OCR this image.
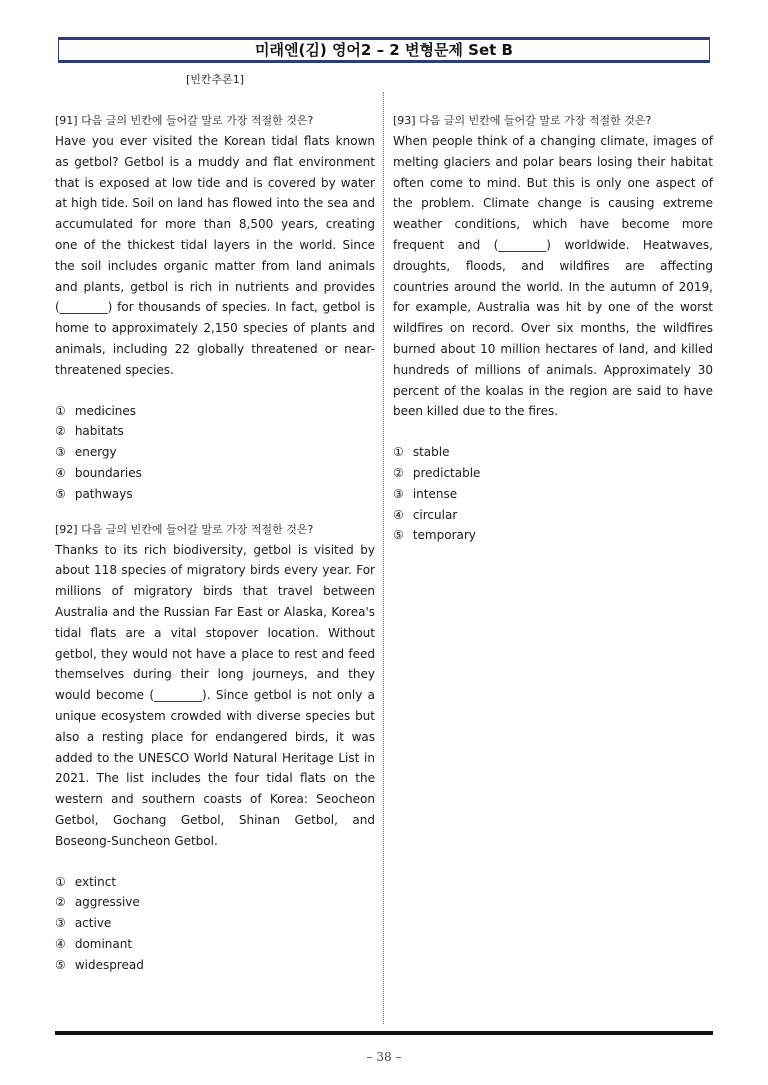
미래엔(김) 영어2 – 2 변형문제 Set B
[빈칸추론1]
[91] 다음 글의 빈칸에 들어갈 말로 가장 적절한 것은?

Have you ever visited the Korean tidal flats known as getbol? Getbol is a muddy and flat environment that is exposed at low tide and is covered by water at high tide. Soil on land has flowed into the sea and accumulated for more than 8,500 years, creating one of the thickest tidal layers in the world. Since the soil includes organic matter from land animals and plants, getbol is rich in nutrients and provides (________) for thousands of species. In fact, getbol is home to approximately 2,150 species of plants and animals, including 22 globally threatened or near-threatened species.

① medicines
② habitats
③ energy
④ boundaries
⑤ pathways
[92] 다음 글의 빈칸에 들어갈 말로 가장 적절한 것은?

Thanks to its rich biodiversity, getbol is visited by about 118 species of migratory birds every year. For millions of migratory birds that travel between Australia and the Russian Far East or Alaska, Korea's tidal flats are a vital stopover location. Without getbol, they would not have a place to rest and feed themselves during their long journeys, and they would become (________). Since getbol is not only a unique ecosystem crowded with diverse species but also a resting place for endangered birds, it was added to the UNESCO World Natural Heritage List in 2021. The list includes the four tidal flats on the western and southern coasts of Korea: Seocheon Getbol, Gochang Getbol, Shinan Getbol, and Boseong-Suncheon Getbol.

① extinct
② aggressive
③ active
④ dominant
⑤ widespread
[93] 다음 글의 빈칸에 들어갈 말로 가장 적절한 것은?

When people think of a changing climate, images of melting glaciers and polar bears losing their habitat often come to mind. But this is only one aspect of the problem. Climate change is causing extreme weather conditions, which have become more frequent and (________) worldwide. Heatwaves, droughts, floods, and wildfires are affecting countries around the world. In the autumn of 2019, for example, Australia was hit by one of the worst wildfires on record. Over six months, the wildfires burned about 10 million hectares of land, and killed hundreds of millions of animals. Approximately 30 percent of the koalas in the region are said to have been killed due to the fires.

① stable
② predictable
③ intense
④ circular
⑤ temporary
– 38 –
